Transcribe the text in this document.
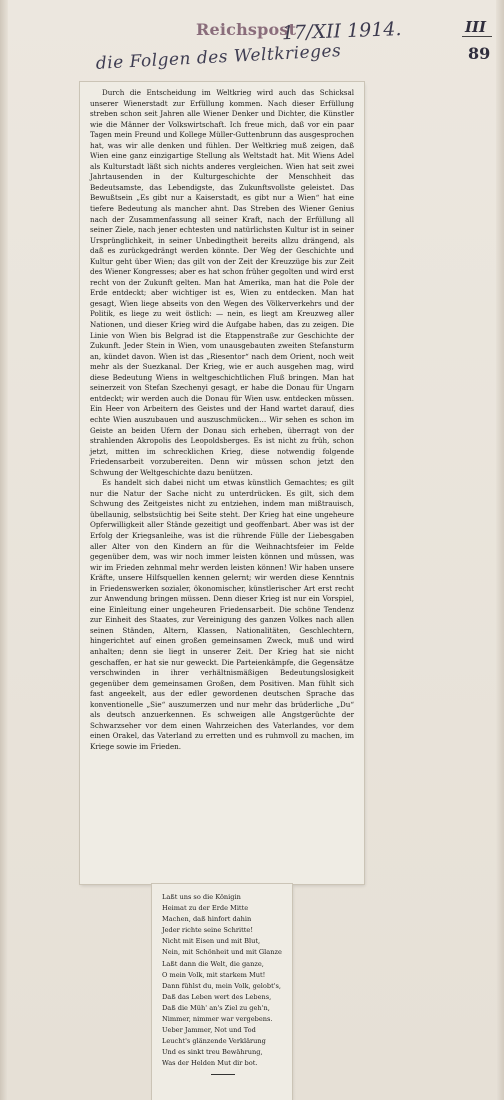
Reichspost
17/XII 1914.
die Folgen des Weltkrieges
III
89

Durch die Entscheidung im Weltkrieg wird auch das Schicksal unserer Wienerstadt zur Erfüllung kommen. Nach dieser Erfüllung streben schon seit Jahren alle Wiener Denker und Dichter, die Künstler wie die Männer der Volkswirtschaft. Ich freue mich, daß vor ein paar Tagen mein Freund und Kollege Müller-Guttenbrunn das ausgesprochen hat, was wir alle denken und fühlen. Der Weltkrieg muß zeigen, daß Wien eine ganz einzigartige Stellung als Weltstadt hat. Mit Wiens Adel als Kulturstadt läßt sich nichts anderes vergleichen. Wien hat seit zwei Jahrtausenden in der Kulturgeschichte der Menschheit das Bedeutsamste, das Lebendigste, das Zukunftsvollste geleistet. Das Bewußtsein „Es gibt nur a Kaiserstadt, es gibt nur a Wien“ hat eine tiefere Bedeutung als mancher ahnt. Das Streben des Wiener Genius nach der Zusammenfassung all seiner Kraft, nach der Erfüllung all seiner Ziele, nach jener echtesten und natürlichsten Kultur ist in seiner Ursprünglichkeit, in seiner Unbedingtheit bereits allzu drängend, als daß es zurückgedrängt werden könnte. Der Weg der Geschichte und Kultur geht über Wien; das gilt von der Zeit der Kreuzzüge bis zur Zeit des Wiener Kongresses; aber es hat schon früher gegolten und wird erst recht von der Zukunft gelten. Man hat Amerika, man hat die Pole der Erde entdeckt; aber wichtiger ist es, Wien zu entdecken. Man hat gesagt, Wien liege abseits von den Wegen des Völkerverkehrs und der Politik, es liege zu weit östlich: — nein, es liegt am Kreuzweg aller Nationen, und dieser Krieg wird die Aufgabe haben, das zu zeigen. Die Linie von Wien bis Belgrad ist die Etappenstraße zur Geschichte der Zukunft. Jeder Stein in Wien, vom unausgebauten zweiten Stefansturm an, kündet davon. Wien ist das „Riesentor“ nach dem Orient, noch weit mehr als der Suezkanal. Der Krieg, wie er auch ausgehen mag, wird diese Bedeutung Wiens in weltgeschichtlichen Fluß bringen. Man hat seinerzeit von Stefan Szechenyi gesagt, er habe die Donau für Ungarn entdeckt; wir werden auch die Donau für Wien usw. entdecken müssen. Ein Heer von Arbeitern des Geistes und der Hand wartet darauf, dies echte Wien auszubauen und auszuschmücken… Wir sehen es schon im Geiste an beiden Ufern der Donau sich erheben, überragt von der strahlenden Akropolis des Leopoldsberges. Es ist nicht zu früh, schon jetzt, mitten im schrecklichen Krieg, diese notwendig folgende Friedensarbeit vorzubereiten. Denn wir müssen schon jetzt den Schwung der Weltgeschichte dazu benützen.

Es handelt sich dabei nicht um etwas künstlich Gemachtes; es gilt nur die Natur der Sache nicht zu unterdrücken. Es gilt, sich dem Schwung des Zeitgeistes nicht zu entziehen, indem man mißtrauisch, übellaunig, selbstsüchtig bei Seite steht. Der Krieg hat eine ungeheure Opferwilligkeit aller Stände gezeitigt und geoffenbart. Aber was ist der Erfolg der Kriegsanleihe, was ist die rührende Fülle der Liebesgaben aller Alter von den Kindern an für die Weihnachtsfeier im Felde gegenüber dem, was wir noch immer leisten können und müssen, was wir im Frieden zehnmal mehr werden leisten können! Wir haben unsere Kräfte, unsere Hilfsquellen kennen gelernt; wir werden diese Kenntnis in Friedenswerken sozialer, ökonomischer, künstlerischer Art erst recht zur Anwendung bringen müssen. Denn dieser Krieg ist nur ein Vorspiel, eine Einleitung einer ungeheuren Friedensarbeit. Die schöne Tendenz zur Einheit des Staates, zur Vereinigung des ganzen Volkes nach allen seinen Ständen, Altern, Klassen, Nationalitäten, Geschlechtern, hingerichtet auf einen großen gemeinsamen Zweck, muß und wird anhalten; denn sie liegt in unserer Zeit. Der Krieg hat sie nicht geschaffen, er hat sie nur geweckt. Die Parteienkämpfe, die Gegensätze verschwinden in ihrer verhältnismäßigen Bedeutungslosigkeit gegenüber dem gemeinsamen Großen, dem Positiven. Man fühlt sich fast angeekelt, aus der edler gewordenen deutschen Sprache das konventionelle „Sie“ auszumerzen und nur mehr das brüderliche „Du“ als deutsch anzuerkennen. Es schweigen alle Angstgerüchte der Schwarzseher vor dem einen Wahrzeichen des Vaterlandes, vor dem einen Orakel, das Vaterland zu erretten und es ruhmvoll zu machen, im Kriege sowie im Frieden.

Laßt uns so die Königin
Heimat zu der Erde Mitte
Machen, daß hinfort dahin
Jeder richte seine Schritte!
Nicht mit Eisen und mit Blut,
Nein, mit Schönheit und mit Glanze
Laßt dann die Welt, die ganze,
O mein Volk, mit starkem Mut!
Dann fühlst du, mein Volk, gelobt's,
Daß das Leben wert des Lebens,
Daß die Müh' an's Ziel zu geh'n,
Nimmer, nimmer war vergebens.
Ueber Jammer, Not und Tod
Leucht's glänzende Verklärung
Und es sinkt treu Bewährung,
Was der Helden Mut dir bot.
